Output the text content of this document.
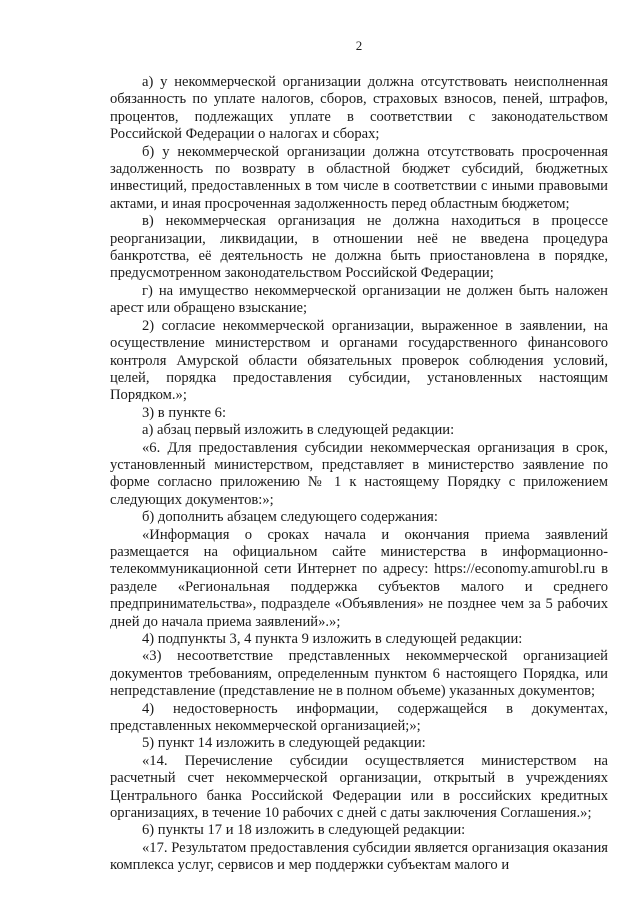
2

а) у некоммерческой организации должна отсутствовать неисполненная обязанность по уплате налогов, сборов, страховых взносов, пеней, штрафов, процентов, подлежащих уплате в соответствии с законодательством Российской Федерации о налогах и сборах;

б) у некоммерческой организации должна отсутствовать просроченная задолженность по возврату в областной бюджет субсидий, бюджетных инвестиций, предоставленных в том числе в соответствии с иными правовыми актами, и иная просроченная задолженность перед областным бюджетом;

в) некоммерческая организация не должна находиться в процессе реорганизации, ликвидации, в отношении неё не введена процедура банкротства, её деятельность не должна быть приостановлена в порядке, предусмотренном законодательством Российской Федерации;

г) на имущество некоммерческой организации не должен быть наложен арест или обращено взыскание;

2) согласие некоммерческой организации, выраженное в заявлении, на осуществление министерством и органами государственного финансового контроля Амурской области обязательных проверок соблюдения условий, целей, порядка предоставления субсидии, установленных настоящим Порядком.»;

3) в пункте 6:

а) абзац первый изложить в следующей редакции:

«6. Для предоставления субсидии некоммерческая организация в срок, установленный министерством, представляет в министерство заявление по форме согласно приложению № 1 к настоящему Порядку с приложением следующих документов:»;

б) дополнить абзацем следующего содержания:

«Информация о сроках начала и окончания приема заявлений размещается на официальном сайте министерства в информационно-телекоммуникационной сети Интернет по адресу: https://economy.amurobl.ru в разделе «Региональная поддержка субъектов малого и среднего предпринимательства», подразделе «Объявления» не позднее чем за 5 рабочих дней до начала приема заявлений».»;

4) подпункты 3, 4 пункта 9 изложить в следующей редакции:

«3) несоответствие представленных некоммерческой организацией документов требованиям, определенным пунктом 6 настоящего Порядка, или непредставление (представление не в полном объеме) указанных документов;

4) недостоверность информации, содержащейся в документах, представленных некоммерческой организацией;»;

5) пункт 14 изложить в следующей редакции:

«14. Перечисление субсидии осуществляется министерством на расчетный счет некоммерческой организации, открытый в учреждениях Центрального банка Российской Федерации или в российских кредитных организациях, в течение 10 рабочих с дней с даты заключения Соглашения.»;

6) пункты 17 и 18 изложить в следующей редакции:

«17. Результатом предоставления субсидии является организация оказания комплекса услуг, сервисов и мер поддержки субъектам малого и
